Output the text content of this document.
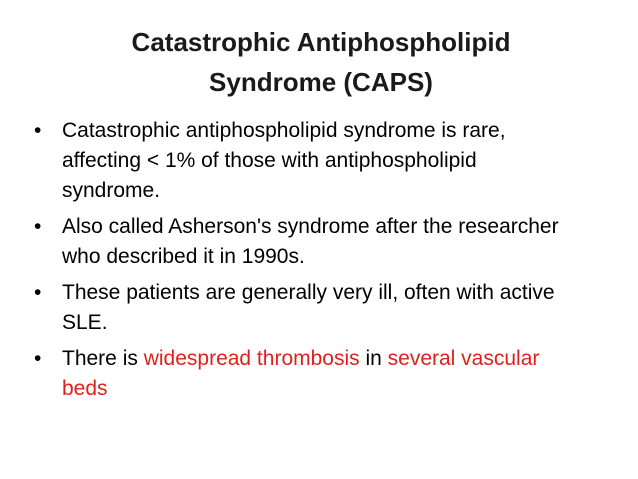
Catastrophic Antiphospholipid
Syndrome (CAPS)
• Catastrophic antiphospholipid syndrome is rare, affecting < 1% of those with antiphospholipid syndrome.
• Also called Asherson's syndrome after the researcher who described it in 1990s.
• These patients are generally very ill, often with active SLE.
• There is widespread thrombosis in several vascular beds
